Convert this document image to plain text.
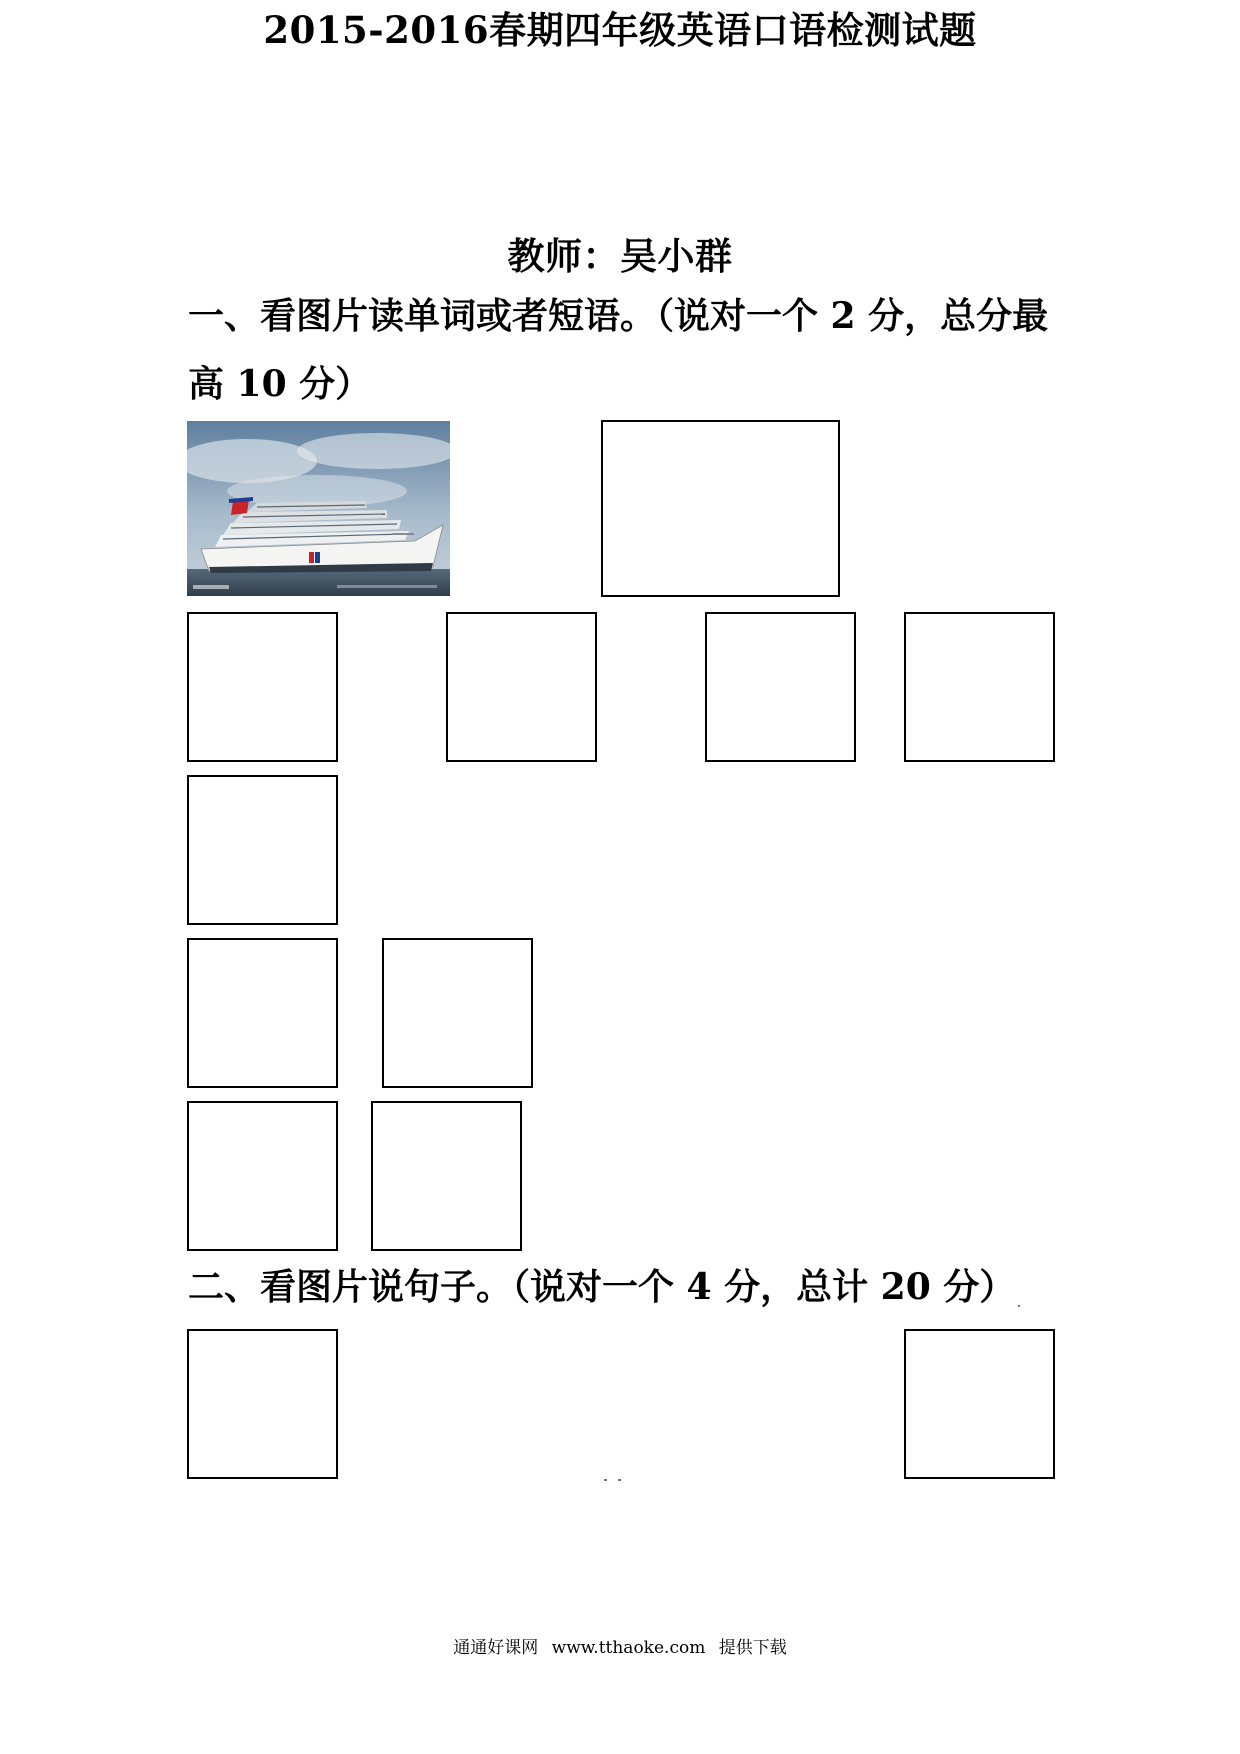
2015-2016春期四年级英语口语检测试题
教师：吴小群
一、看图片读单词或者短语。（说对一个 2 分，总分最高 10 分）
二、看图片说句子。（说对一个 4 分，总计 20 分）
通通好课网 www.tthaoke.com 提供下载
